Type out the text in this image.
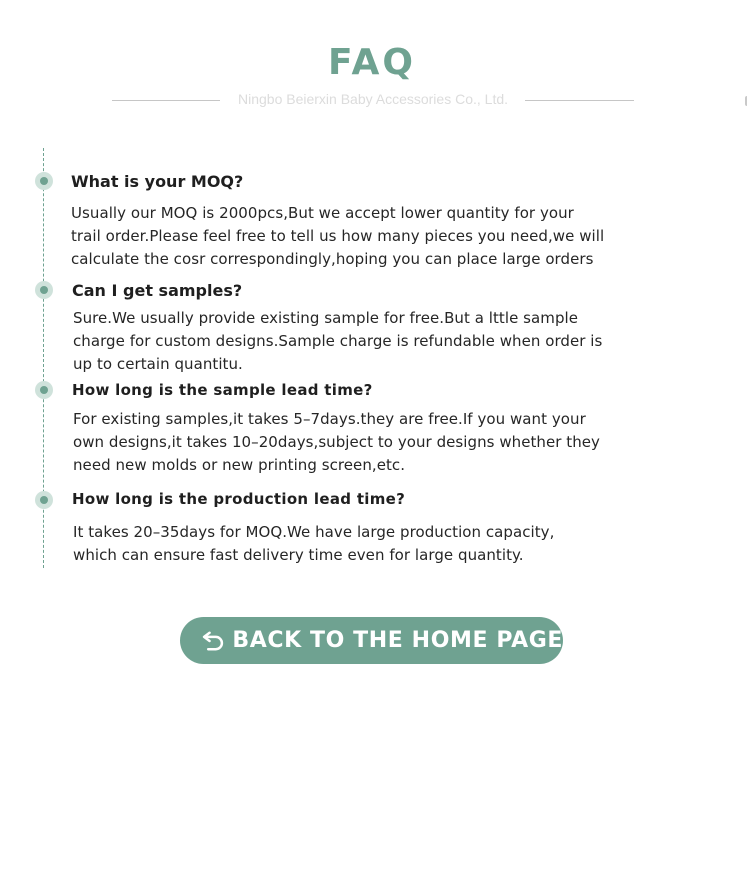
FAQ
Ningbo Beierxin Baby Accessories Co., Ltd.
What is your MOQ?

Usually our MOQ is 2000pcs,But we accept lower quantity for your
trail order.Please feel free to tell us how many pieces you need,we will
calculate the cosr correspondingly,hoping you can place large orders

Can I get samples?

Sure.We usually provide existing sample for free.But a lttle sample
charge for custom designs.Sample charge is refundable when order is
up to certain quantitu.

How long is the sample lead time?

For existing samples,it takes 5–7days.they are free.If you want your
own designs,it takes 10–20days,subject to your designs whether they
need new molds or new printing screen,etc.

How long is the production lead time?

It takes 20–35days for MOQ.We have large production capacity,
which can ensure fast delivery time even for large quantity.

BACK TO THE HOME PAGE
